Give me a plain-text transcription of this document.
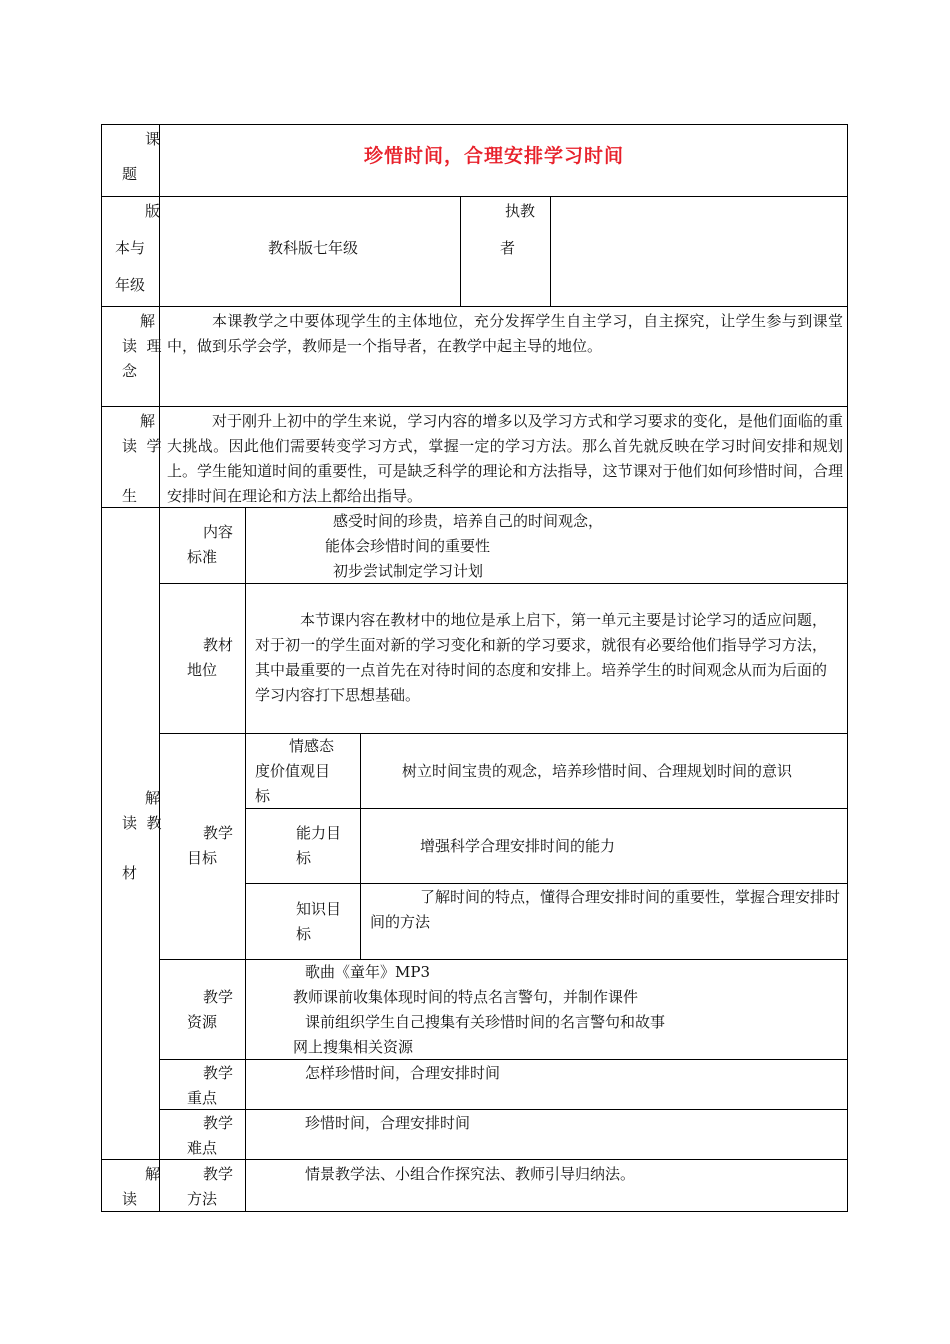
课
题
珍惜时间，合理安排学习时间
版
本与
年级
教科版七年级
执教
者
解
读  理
念
本课教学之中要体现学生的主体地位，充分发挥学生自主学习，自主探究，让学生参与到课堂中，做到乐学会学，教师是一个指导者，在教学中起主导的地位。
解
读  学
生
对于刚升上初中的学生来说，学习内容的增多以及学习方式和学习要求的变化，是他们面临的重大挑战。因此他们需要转变学习方式，掌握一定的学习方法。那么首先就反映在学习时间安排和规划上。学生能知道时间的重要性，可是缺乏科学的理论和方法指导，这节课对于他们如何珍惜时间，合理安排时间在理论和方法上都给出指导。
解
读  教
材
内容
标准
感受时间的珍贵，培养自己的时间观念，
能体会珍惜时间的重要性
初步尝试制定学习计划
教材
地位
本节课内容在教材中的地位是承上启下，第一单元主要是讨论学习的适应问题，对于初一的学生面对新的学习变化和新的学习要求，就很有必要给他们指导学习方法，其中最重要的一点首先在对待时间的态度和安排上。培养学生的时间观念从而为后面的学习内容打下思想基础。
教学
目标
情感态
度价值观目
标
树立时间宝贵的观念，培养珍惜时间、合理规划时间的意识
能力目
标
增强科学合理安排时间的能力
知识目
标
了解时间的特点，懂得合理安排时间的重要性，掌握合理安排时间的方法
教学
资源
歌曲《童年》MP3
教师课前收集体现时间的特点名言警句，并制作课件
课前组织学生自己搜集有关珍惜时间的名言警句和故事
网上搜集相关资源
教学
重点
怎样珍惜时间，合理安排时间
教学
难点
珍惜时间，合理安排时间
解
读
教学
方法
情景教学法、小组合作探究法、教师引导归纳法。
